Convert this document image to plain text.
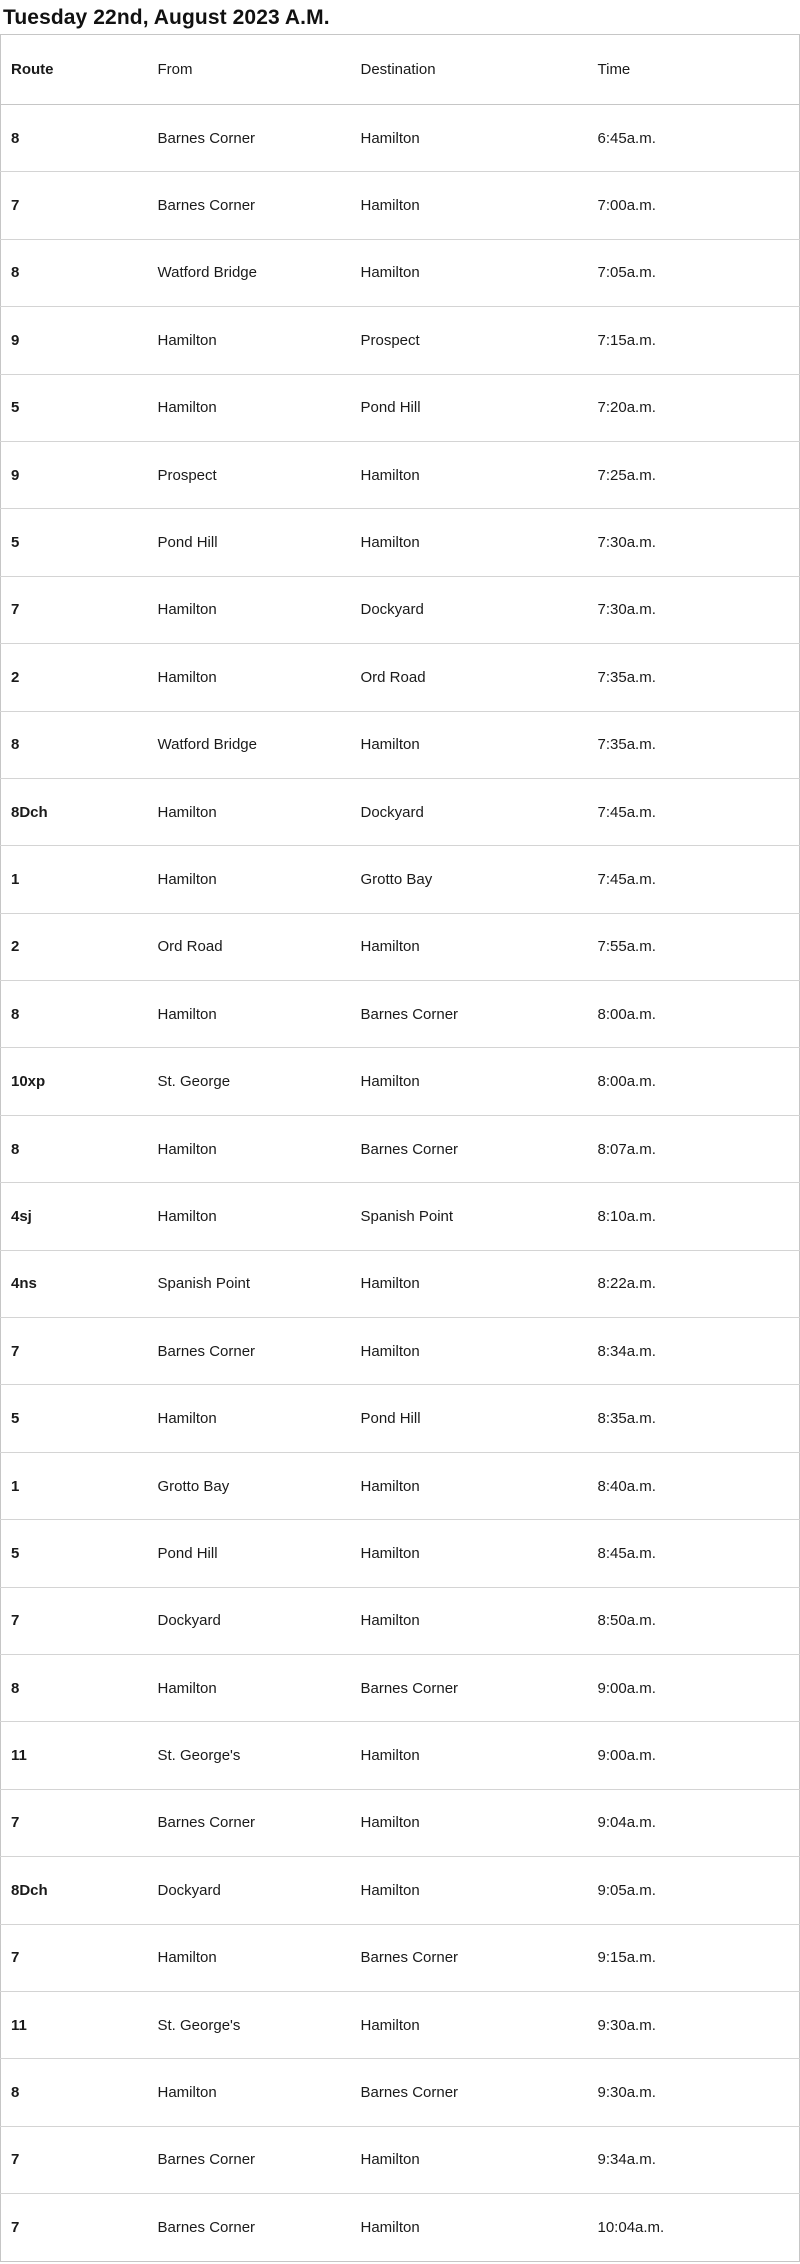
Tuesday 22nd, August 2023 A.M.
Route	From	Destination	Time
8	Barnes Corner	Hamilton	6:45a.m.
7	Barnes Corner	Hamilton	7:00a.m.
8	Watford Bridge	Hamilton	7:05a.m.
9	Hamilton	Prospect	7:15a.m.
5	Hamilton	Pond Hill	7:20a.m.
9	Prospect	Hamilton	7:25a.m.
5	Pond Hill	Hamilton	7:30a.m.
7	Hamilton	Dockyard	7:30a.m.
2	Hamilton	Ord Road	7:35a.m.
8	Watford Bridge	Hamilton	7:35a.m.
8Dch	Hamilton	Dockyard	7:45a.m.
1	Hamilton	Grotto Bay	7:45a.m.
2	Ord Road	Hamilton	7:55a.m.
8	Hamilton	Barnes Corner	8:00a.m.
10xp	St. George	Hamilton	8:00a.m.
8	Hamilton	Barnes Corner	8:07a.m.
4sj	Hamilton	Spanish Point	8:10a.m.
4ns	Spanish Point	Hamilton	8:22a.m.
7	Barnes Corner	Hamilton	8:34a.m.
5	Hamilton	Pond Hill	8:35a.m.
1	Grotto Bay	Hamilton	8:40a.m.
5	Pond Hill	Hamilton	8:45a.m.
7	Dockyard	Hamilton	8:50a.m.
8	Hamilton	Barnes Corner	9:00a.m.
11	St. George's	Hamilton	9:00a.m.
7	Barnes Corner	Hamilton	9:04a.m.
8Dch	Dockyard	Hamilton	9:05a.m.
7	Hamilton	Barnes Corner	9:15a.m.
11	St. George's	Hamilton	9:30a.m.
8	Hamilton	Barnes Corner	9:30a.m.
7	Barnes Corner	Hamilton	9:34a.m.
7	Barnes Corner	Hamilton	10:04a.m.
